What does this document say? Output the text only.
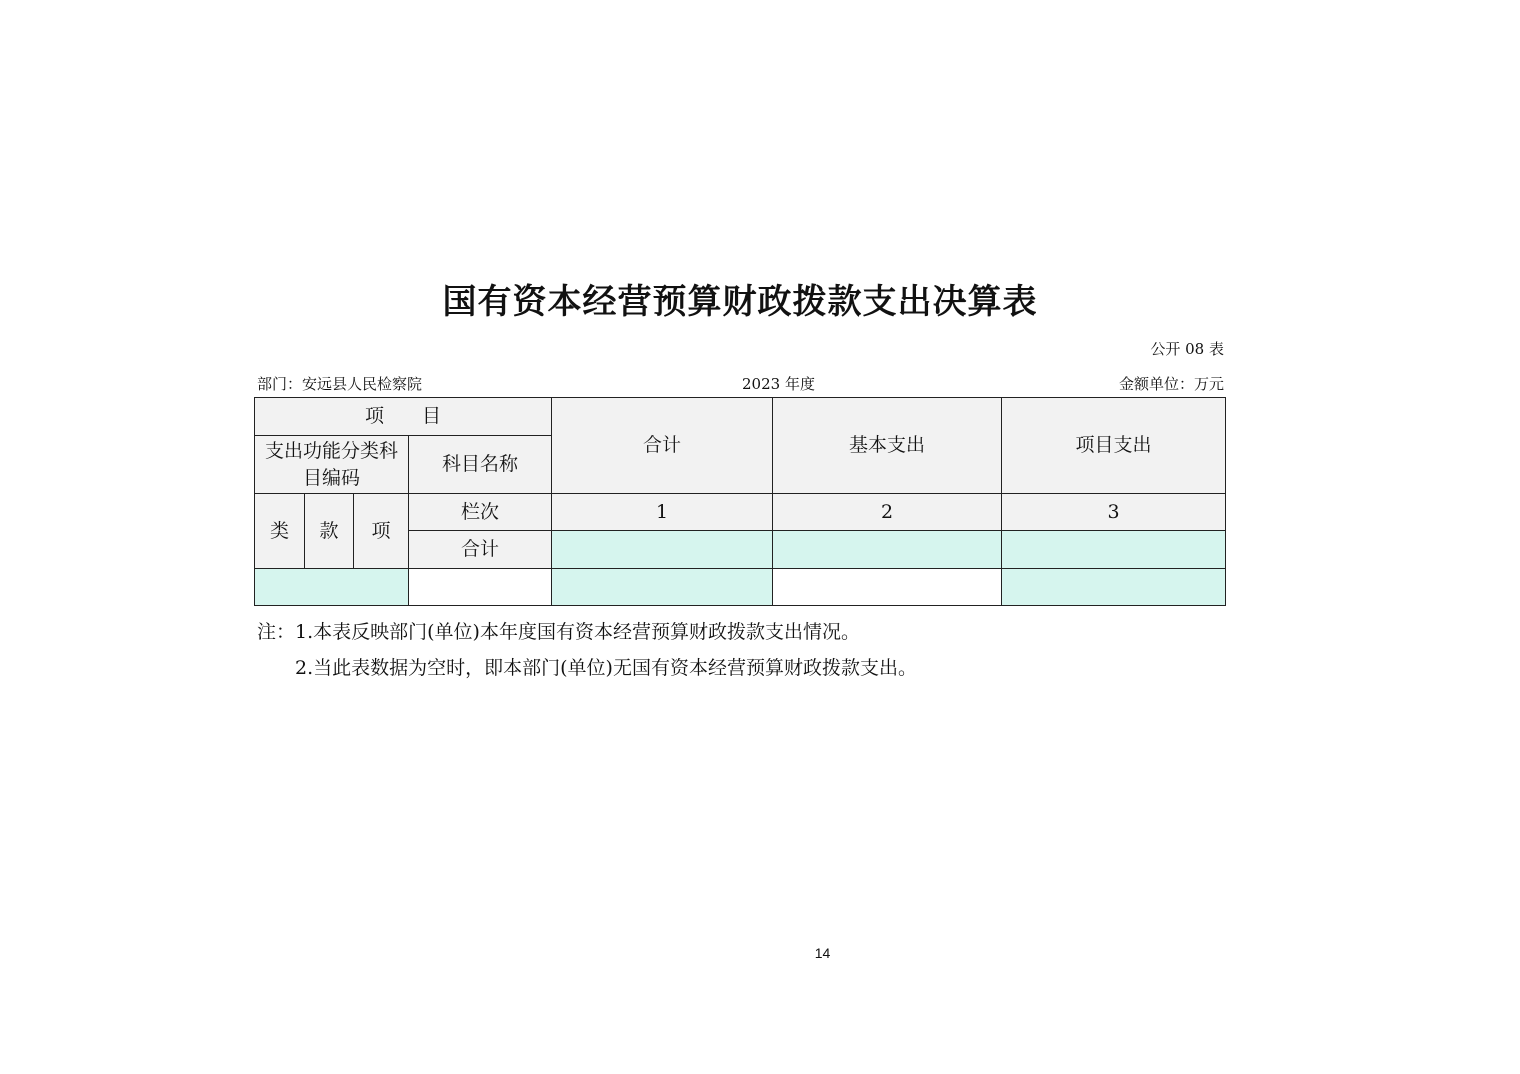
国有资本经营预算财政拨款支出决算表
公开 08 表
部门：安远县人民检察院	2023 年度	金额单位：万元
项　　目				合计	基本支出	项目支出
支出功能分类科目编码			科目名称			
类	款	项	栏次	1	2	3
			合计			

注：1.本表反映部门(单位)本年度国有资本经营预算财政拨款支出情况。
2.当此表数据为空时，即本部门(单位)无国有资本经营预算财政拨款支出。
14
